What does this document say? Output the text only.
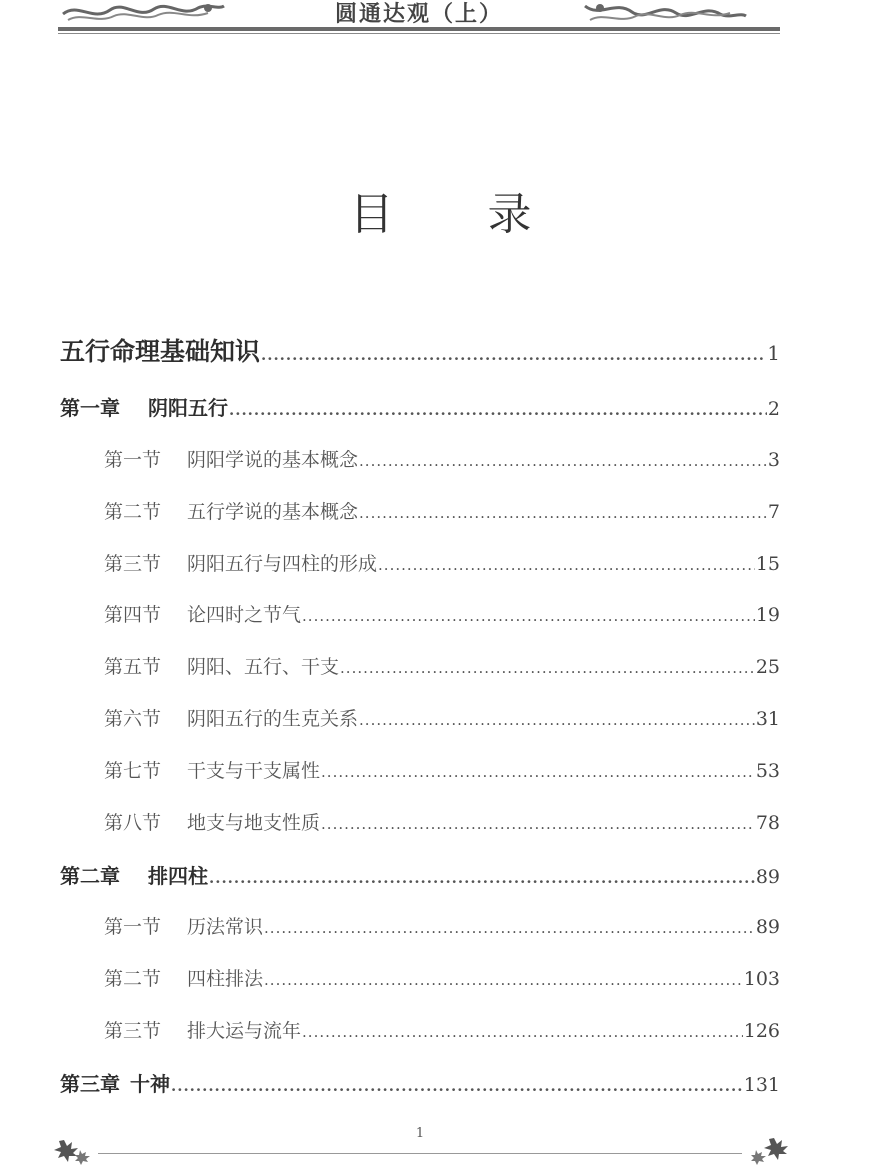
圆通达观（上）
目 录
五行命理基础知识 .....	1
第一章 阴阳五行 .....	2
第一节 阴阳学说的基本概念 .....	3
第二节 五行学说的基本概念 .....	7
第三节 阴阳五行与四柱的形成 .....	15
第四节 论四时之节气 .....	19
第五节 阴阳、五行、干支 .....	25
第六节 阴阳五行的生克关系 .....	31
第七节 干支与干支属性 .....	53
第八节 地支与地支性质 .....	78
第二章 排四柱 .....	89
第一节 历法常识 .....	89
第二节 四柱排法 .....	103
第三节 排大运与流年 .....	126
第三章 十神 .....	131
1
